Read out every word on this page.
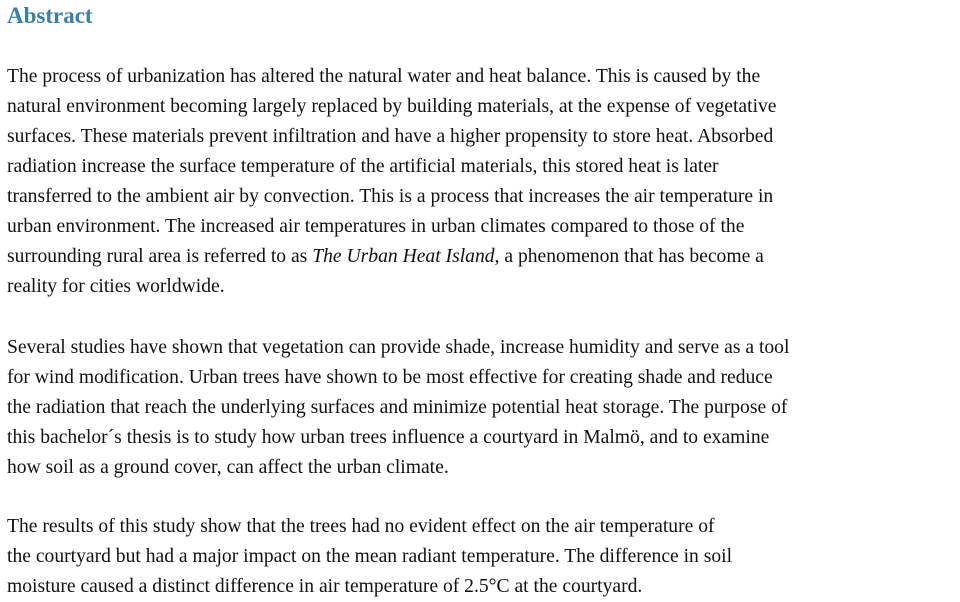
Abstract
The process of urbanization has altered the natural water and heat balance. This is caused by the
natural environment becoming largely replaced by building materials, at the expense of vegetative
surfaces. These materials prevent infiltration and have a higher propensity to store heat. Absorbed
radiation increase the surface temperature of the artificial materials, this stored heat is later
transferred to the ambient air by convection. This is a process that increases the air temperature in
urban environment. The increased air temperatures in urban climates compared to those of the
surrounding rural area is referred to as The Urban Heat Island, a phenomenon that has become a
reality for cities worldwide.
Several studies have shown that vegetation can provide shade, increase humidity and serve as a tool
for wind modification. Urban trees have shown to be most effective for creating shade and reduce
the radiation that reach the underlying surfaces and minimize potential heat storage. The purpose of
this bachelor´s thesis is to study how urban trees influence a courtyard in Malmö, and to examine
how soil as a ground cover, can affect the urban climate.
The results of this study show that the trees had no evident effect on the air temperature of
the courtyard but had a major impact on the mean radiant temperature. The difference in soil
moisture caused a distinct difference in air temperature of 2.5°C at the courtyard.
